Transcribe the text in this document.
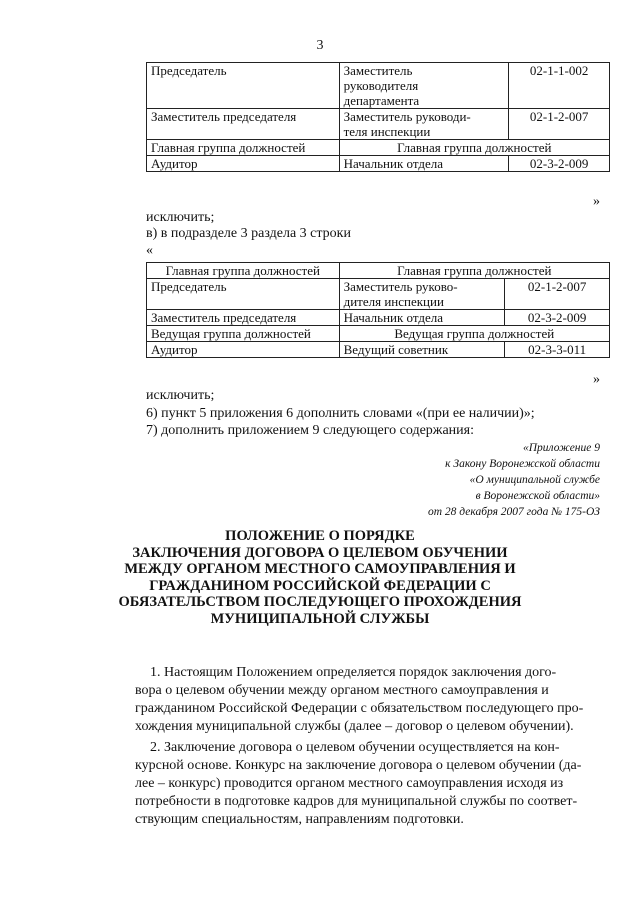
3
Председатель	Заместитель
руководителя
департамента	02-1-1-002
Заместитель председателя	Заместитель руководи-
теля инспекции	02-1-2-007
Главная группа должностей	Главная группа должностей	
Аудитор	Начальник отдела	02-3-2-009
»
исключить;
в) в подразделе 3 раздела 3 строки
«
Главная группа должностей	Главная группа должностей	
Председатель	Заместитель руково-
дителя инспекции	02-1-2-007
Заместитель председателя	Начальник отдела	02-3-2-009
Ведущая группа должностей	Ведущая группа должностей	
Аудитор	Ведущий советник	02-3-3-011
»
исключить;
6) пункт 5 приложения 6 дополнить словами «(при ее наличии)»;
7) дополнить приложением 9 следующего содержания:
«Приложение 9
к Закону Воронежской области
«О муниципальной службе
в Воронежской области»
от 28 декабря 2007 года № 175-ОЗ
ПОЛОЖЕНИЕ О ПОРЯДКЕ
ЗАКЛЮЧЕНИЯ ДОГОВОРА О ЦЕЛЕВОМ ОБУЧЕНИИ
МЕЖДУ ОРГАНОМ МЕСТНОГО САМОУПРАВЛЕНИЯ И
ГРАЖДАНИНОМ РОССИЙСКОЙ ФЕДЕРАЦИИ С
ОБЯЗАТЕЛЬСТВОМ ПОСЛЕДУЮЩЕГО ПРОХОЖДЕНИЯ
МУНИЦИПАЛЬНОЙ СЛУЖБЫ
1. Настоящим Положением определяется порядок заключения дого-
вора о целевом обучении между органом местного самоуправления и
гражданином Российской Федерации с обязательством последующего про-
хождения муниципальной службы (далее – договор о целевом обучении).
2. Заключение договора о целевом обучении осуществляется на кон-
курсной основе. Конкурс на заключение договора о целевом обучении (да-
лее – конкурс) проводится органом местного самоуправления исходя из
потребности в подготовке кадров для муниципальной службы по соответ-
ствующим специальностям, направлениям подготовки.
